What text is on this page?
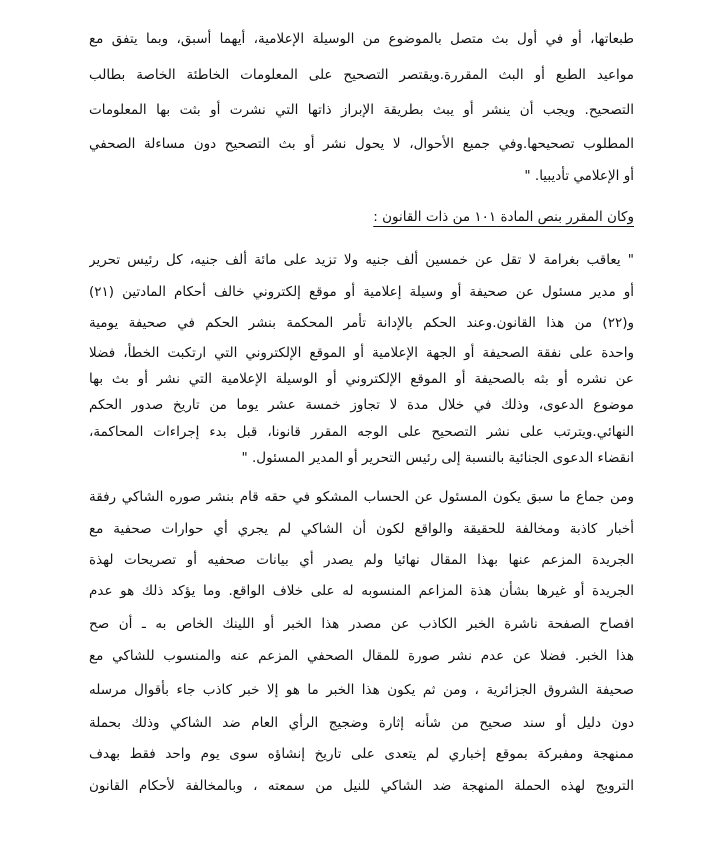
طبعاتها، أو في أول بث متصل بالموضوع من الوسيلة الإعلامية، أيهما أسبق، وبما يتفق مع
مواعيد الطبع أو البث المقررة.ويقتصر التصحيح على المعلومات الخاطئة الخاصة بطالب
التصحيح. ويجب أن ينشر أو يبث بطريقة الإبراز ذاتها التي نشرت أو بثت بها المعلومات
المطلوب تصحيحها.وفي جميع الأحوال، لا يحول نشر أو بث التصحيح دون مساءلة الصحفي
أو الإعلامي تأديبيا. "
وكان المقرر بنص المادة ١٠١ من ذات القانون :
" يعاقب بغرامة لا تقل عن خمسين ألف جنيه ولا تزيد على مائة ألف جنيه، كل رئيس تحرير
أو مدير مسئول عن صحيفة أو وسيلة إعلامية أو موقع إلكتروني خالف أحكام المادتين (٢١)
و(٢٢) من هذا القانون.وعند الحكم بالإدانة تأمر المحكمة بنشر الحكم في صحيفة يومية
واحدة على نفقة الصحيفة أو الجهة الإعلامية أو الموقع الإلكتروني التي ارتكبت الخطأ، فضلا
عن نشره أو بثه بالصحيفة أو الموقع الإلكتروني أو الوسيلة الإعلامية التي نشر أو بث بها
موضوع الدعوى، وذلك في خلال مدة لا تجاوز خمسة عشر يوما من تاريخ صدور الحكم
النهائي.ويترتب على نشر التصحيح على الوجه المقرر قانونا، قبل بدء إجراءات المحاكمة،
انقضاء الدعوى الجنائية بالنسبة إلى رئيس التحرير أو المدير المسئول. "
ومن جماع ما سبق يكون المسئول عن الحساب المشكو في حقه قام بنشر صوره الشاكي رفقة
أخبار كاذبة ومخالفة للحقيقة والواقع لكون أن الشاكي لم يجري أي حوارات صحفية مع
الجريدة المزعم عنها بهذا المقال نهائيا ولم يصدر أي بيانات صحفيه أو تصريحات لهذة
الجريدة أو غيرها بشأن هذة المزاعم المنسوبه له على خلاف الواقع. وما يؤكد ذلك هو عدم
افصاح الصفحة ناشرة الخبر الكاذب عن مصدر هذا الخبر أو اللينك الخاص به ـ أن صح
هذا الخبر. فضلا عن عدم نشر صورة للمقال الصحفي المزعم عنه والمنسوب للشاكي مع
صحيفة الشروق الجزائرية ، ومن ثم يكون هذا الخبر ما هو إلا خبر كاذب جاء بأقوال مرسله
دون دليل أو سند صحيح من شأنه إثارة وضجيج الرأي العام ضد الشاكي وذلك بحملة
ممنهجة ومفبركة بموقع إخباري لم يتعدى على تاريخ إنشاؤه سوى يوم واحد فقط بهدف
الترويج لهذه الحملة المنهجة ضد الشاكي للنيل من سمعته ، وبالمخالفة لأحكام القانون
